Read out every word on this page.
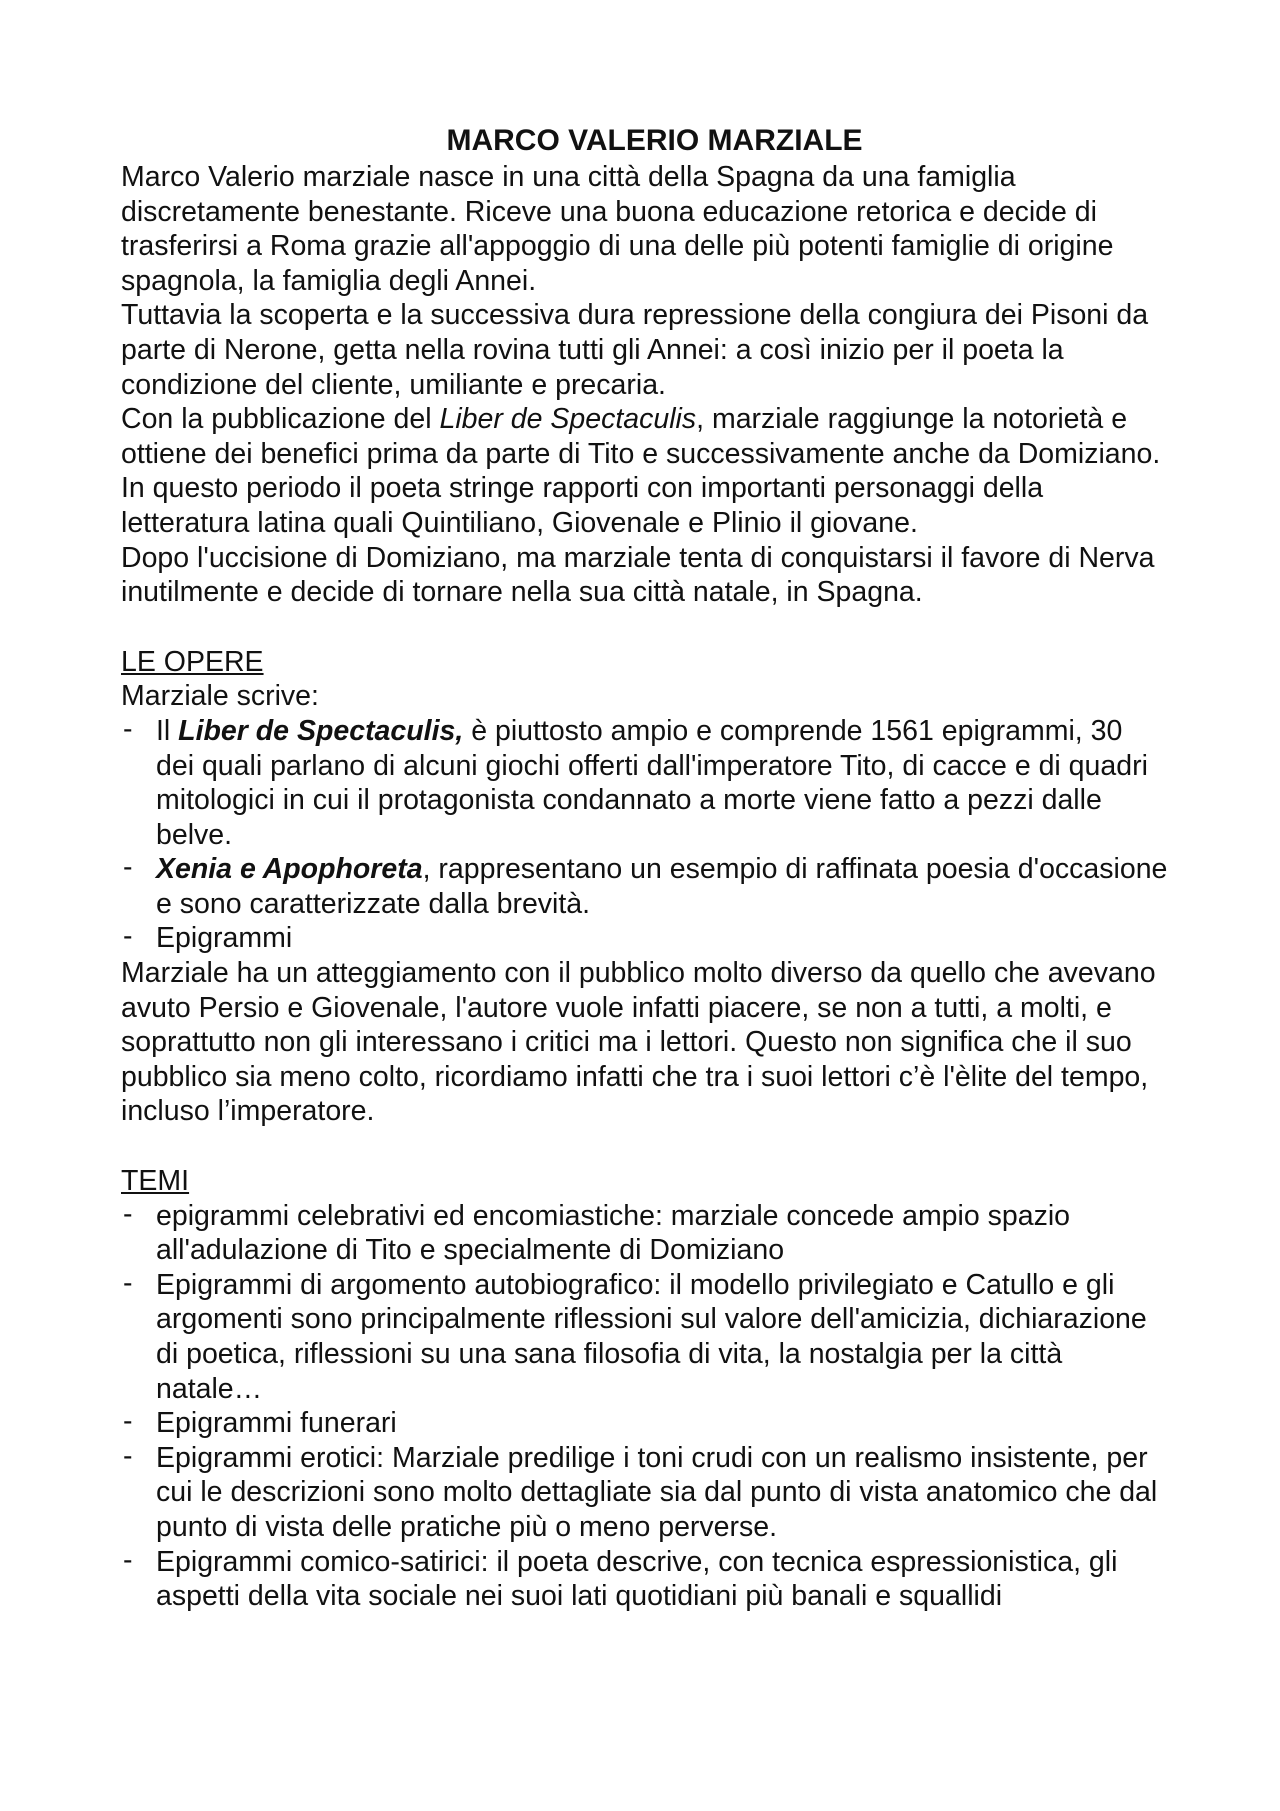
MARCO VALERIO MARZIALE

Marco Valerio marziale nasce in una città della Spagna da una famiglia discretamente benestante. Riceve una buona educazione retorica e decide di trasferirsi a Roma grazie all'appoggio di una delle più potenti famiglie di origine spagnola, la famiglia degli Annei.

Tuttavia la scoperta e la successiva dura repressione della congiura dei Pisoni da parte di Nerone, getta nella rovina tutti gli Annei: a così inizio per il poeta la condizione del cliente, umiliante e precaria.

Con la pubblicazione del Liber de Spectaculis, marziale raggiunge la notorietà e ottiene dei benefici prima da parte di Tito e successivamente anche da Domiziano.

In questo periodo il poeta stringe rapporti con importanti personaggi della letteratura latina quali Quintiliano, Giovenale e Plinio il giovane.

Dopo l'uccisione di Domiziano, ma marziale tenta di conquistarsi il favore di Nerva inutilmente e decide di tornare nella sua città natale, in Spagna.

LE OPERE

Marziale scrive:

- Il Liber de Spectaculis, è piuttosto ampio e comprende 1561 epigrammi, 30 dei quali parlano di alcuni giochi offerti dall'imperatore Tito, di cacce e di quadri mitologici in cui il protagonista condannato a morte viene fatto a pezzi dalle belve.
- Xenia e Apophoreta, rappresentano un esempio di raffinata poesia d'occasione e sono caratterizzate dalla brevità.
- Epigrammi

Marziale ha un atteggiamento con il pubblico molto diverso da quello che avevano avuto Persio e Giovenale, l'autore vuole infatti piacere, se non a tutti, a molti, e soprattutto non gli interessano i critici ma i lettori. Questo non significa che il suo pubblico sia meno colto, ricordiamo infatti che tra i suoi lettori c’è l'èlite del tempo, incluso l’imperatore.

TEMI

- epigrammi celebrativi ed encomiastiche: marziale concede ampio spazio all'adulazione di Tito e specialmente di Domiziano
- Epigrammi di argomento autobiografico: il modello privilegiato e Catullo e gli argomenti sono principalmente riflessioni sul valore dell'amicizia, dichiarazione di poetica, riflessioni su una sana filosofia di vita, la nostalgia per la città natale…
- Epigrammi funerari
- Epigrammi erotici: Marziale predilige i toni crudi con un realismo insistente, per cui le descrizioni sono molto dettagliate sia dal punto di vista anatomico che dal punto di vista delle pratiche più o meno perverse.
- Epigrammi comico-satirici: il poeta descrive, con tecnica espressionistica, gli aspetti della vita sociale nei suoi lati quotidiani più banali e squallidi
